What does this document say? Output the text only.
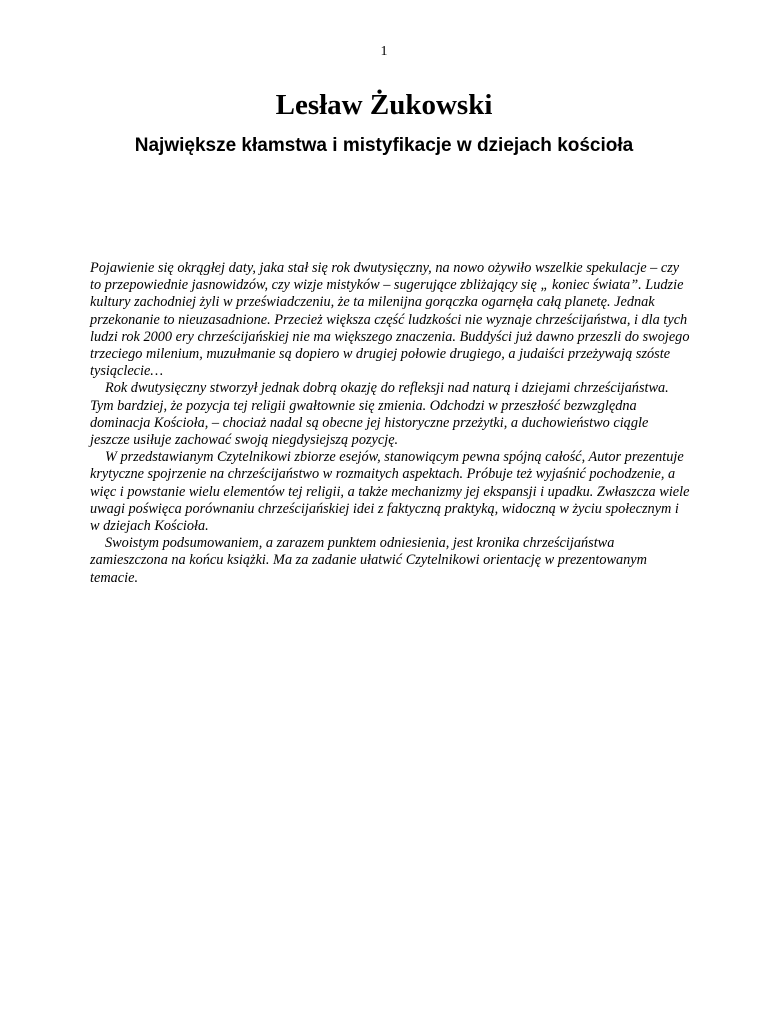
1
Lesław Żukowski
Największe kłamstwa i mistyfikacje w dziejach kościoła

Pojawienie się okrągłej daty, jaka stał się rok dwutysięczny, na nowo ożywiło wszelkie spekulacje – czy to przepowiednie jasnowidzów, czy wizje mistyków – sugerujące zbliżający się „ koniec świata”. Ludzie kultury zachodniej żyli w przeświadczeniu, że ta milenijna gorączka ogarnęła całą planetę. Jednak przekonanie to nieuzasadnione. Przecież większa część ludzkości nie wyznaje chrześcijaństwa, i dla tych ludzi rok 2000 ery chrześcijańskiej nie ma większego znaczenia. Buddyści już dawno przeszli do swojego trzeciego milenium, muzułmanie są dopiero w drugiej połowie drugiego, a judaiści przeżywają szóste tysiąclecie…

Rok dwutysięczny stworzył jednak dobrą okazję do refleksji nad naturą i dziejami chrześcijaństwa. Tym bardziej, że pozycja tej religii gwałtownie się zmienia. Odchodzi w przeszłość bezwzględna dominacja Kościoła, – chociaż nadal są obecne jej historyczne przeżytki, a duchowieństwo ciągle jeszcze usiłuje zachować swoją niegdysiejszą pozycję.

W przedstawianym Czytelnikowi zbiorze esejów, stanowiącym pewna spójną całość, Autor prezentuje krytyczne spojrzenie na chrześcijaństwo w rozmaitych aspektach. Próbuje też wyjaśnić pochodzenie, a więc i powstanie wielu elementów tej religii, a także mechanizmy jej ekspansji i upadku. Zwłaszcza wiele uwagi poświęca porównaniu chrześcijańskiej idei z faktyczną praktyką, widoczną w życiu społecznym i w dziejach Kościoła.

Swoistym podsumowaniem, a zarazem punktem odniesienia, jest kronika chrześcijaństwa zamieszczona na końcu książki. Ma za zadanie ułatwić Czytelnikowi orientację w prezentowanym temacie.
